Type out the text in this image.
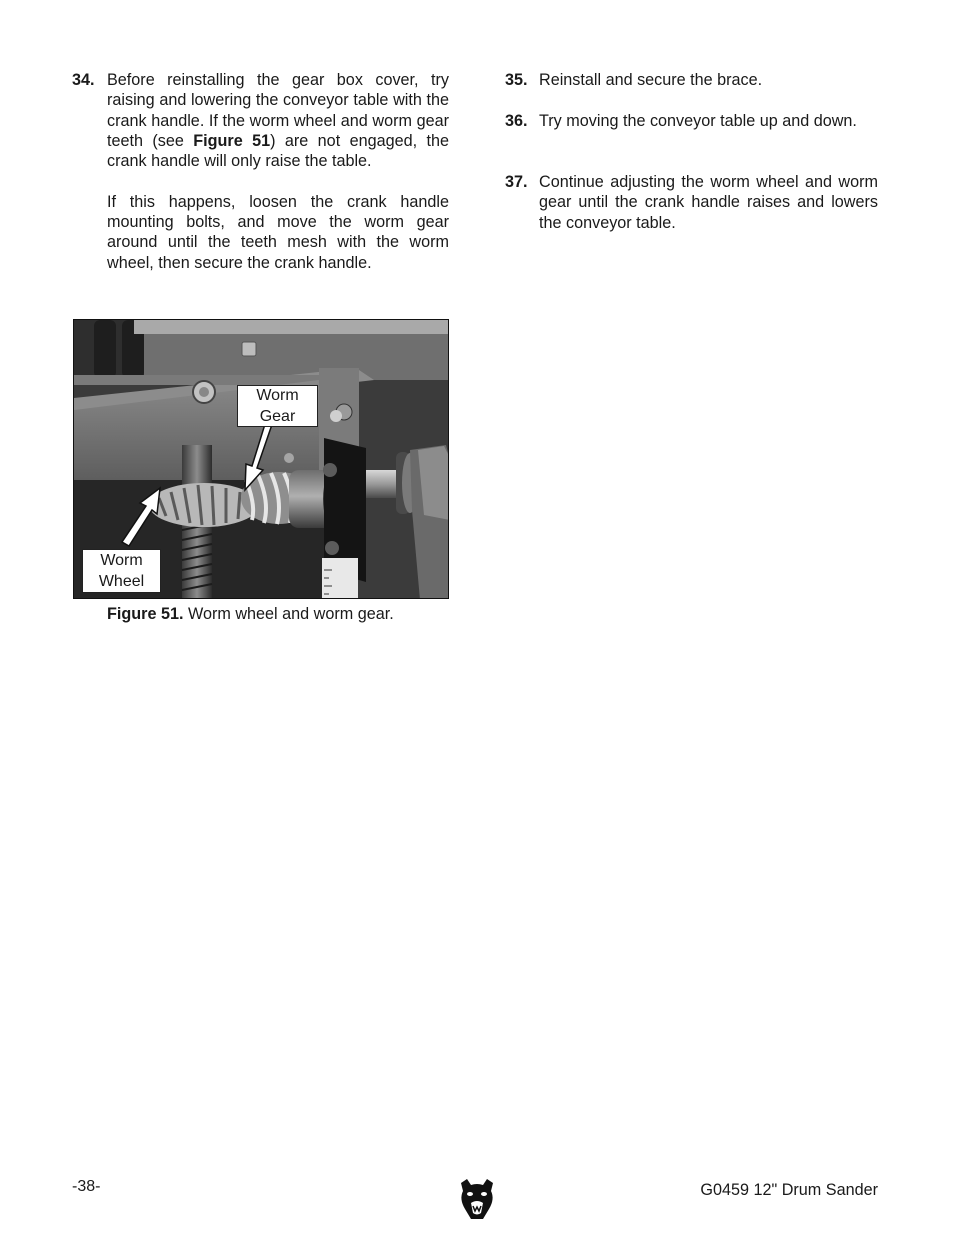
34. Before reinstalling the gear box cover, try raising and lowering the conveyor table with the crank handle. If the worm wheel and worm gear teeth (see Figure 51) are not engaged, the crank handle will only raise the table.
If this happens, loosen the crank handle mounting bolts, and move the worm gear around until the teeth mesh with the worm wheel, then secure the crank handle.
35. Reinstall and secure the brace.
36. Try moving the conveyor table up and down.
37. Continue adjusting the worm wheel and worm gear until the crank handle raises and lowers the conveyor table.
Worm
Gear
Worm
Wheel
Figure 51. Worm wheel and worm gear.
-38-	G0459 12" Drum Sander
